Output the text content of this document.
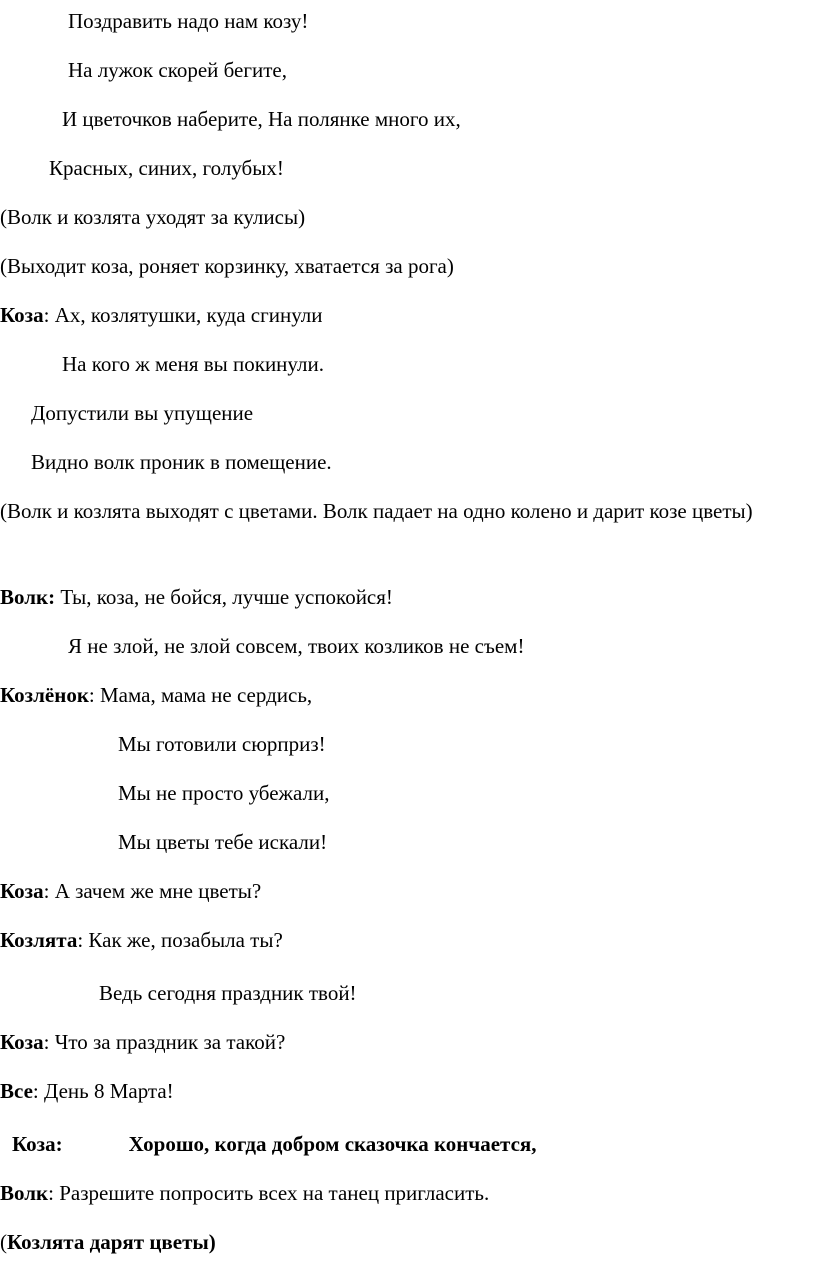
Поздравить надо нам козу!
На лужок скорей бегите,
И цветочков наберите, На полянке много их,
Красных, синих, голубых!
(Волк и козлята уходят за кулисы)
(Выходит коза, роняет корзинку, хватается за рога)
Коза: Ах, козлятушки, куда сгинули
На кого ж меня вы покинули.
Допустили вы упущение
Видно волк проник в помещение.
(Волк и козлята выходят с цветами. Волк падает на одно колено и дарит козе цветы)
Волк: Ты, коза, не бойся, лучше успокойся!
Я не злой, не злой совсем, твоих козликов не съем!
Козлёнок: Мама, мама не сердись,
Мы готовили сюрприз!
Мы не просто убежали,
Мы цветы тебе искали!
Коза: А зачем же мне цветы?
Козлята: Как же, позабыла ты?
Ведь сегодня праздник твой!
Коза: Что за праздник за такой?
Все: День 8 Марта!
Коза:	Хорошо, когда добром сказочка кончается,
Волк: Разрешите попросить всех на танец пригласить.
(Козлята дарят цветы)
